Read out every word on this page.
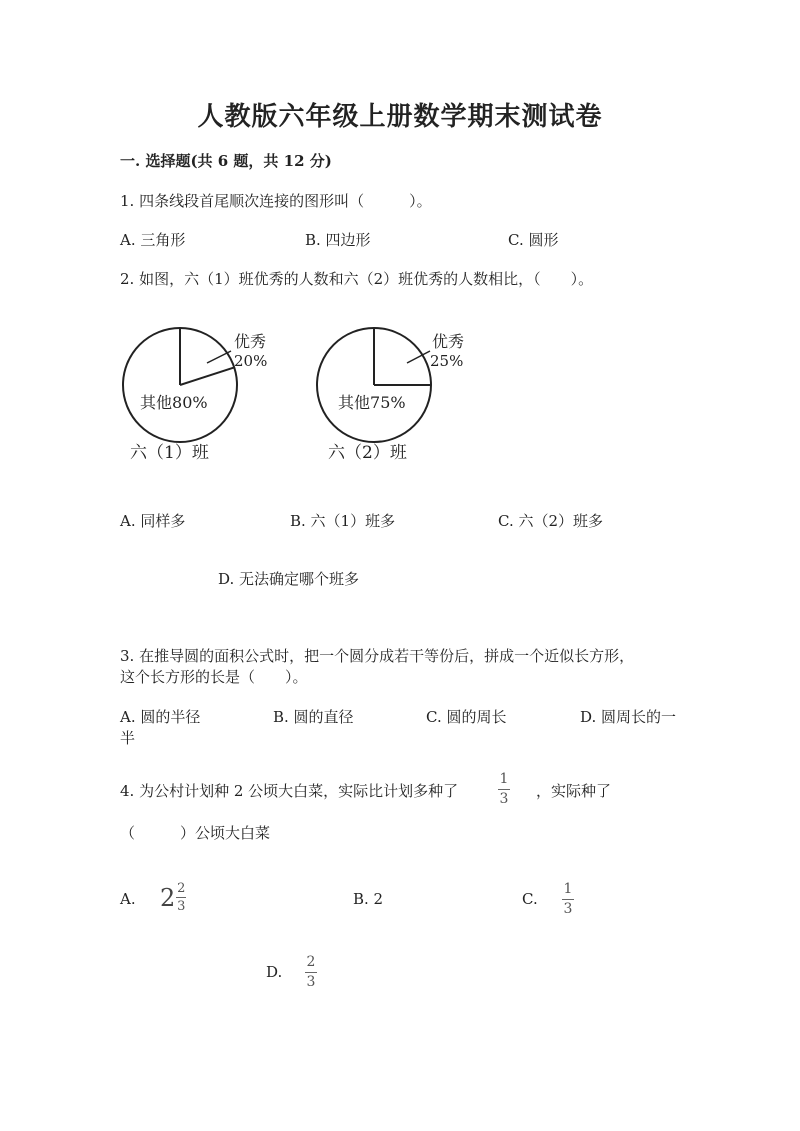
人教版六年级上册数学期末测试卷
一. 选择题(共 6 题，共 12 分)
1. 四条线段首尾顺次连接的图形叫（　　　）。
A. 三角形	B. 四边形	C. 圆形
2. 如图，六（1）班优秀的人数和六（2）班优秀的人数相比，（　　）。
优秀
20%
其他80%
六（1）班
优秀
25%
其他75%
六（2）班
A. 同样多	B. 六（1）班多	C. 六（2）班多
D. 无法确定哪个班多
3. 在推导圆的面积公式时，把一个圆分成若干等份后，拼成一个近似长方形，
这个长方形的长是（　　）。
A. 圆的半径	B. 圆的直径	C. 圆的周长	D. 圆周长的一
半
4. 为公村计划种 2 公顷大白菜，实际比计划多种了	$\frac{1}{3}$ ，实际种了
（　　　）公顷大白菜
A. $2 \frac{2}{3}$	B. 2	C. $\frac{1}{3}$
D. $\frac{2}{3}$
